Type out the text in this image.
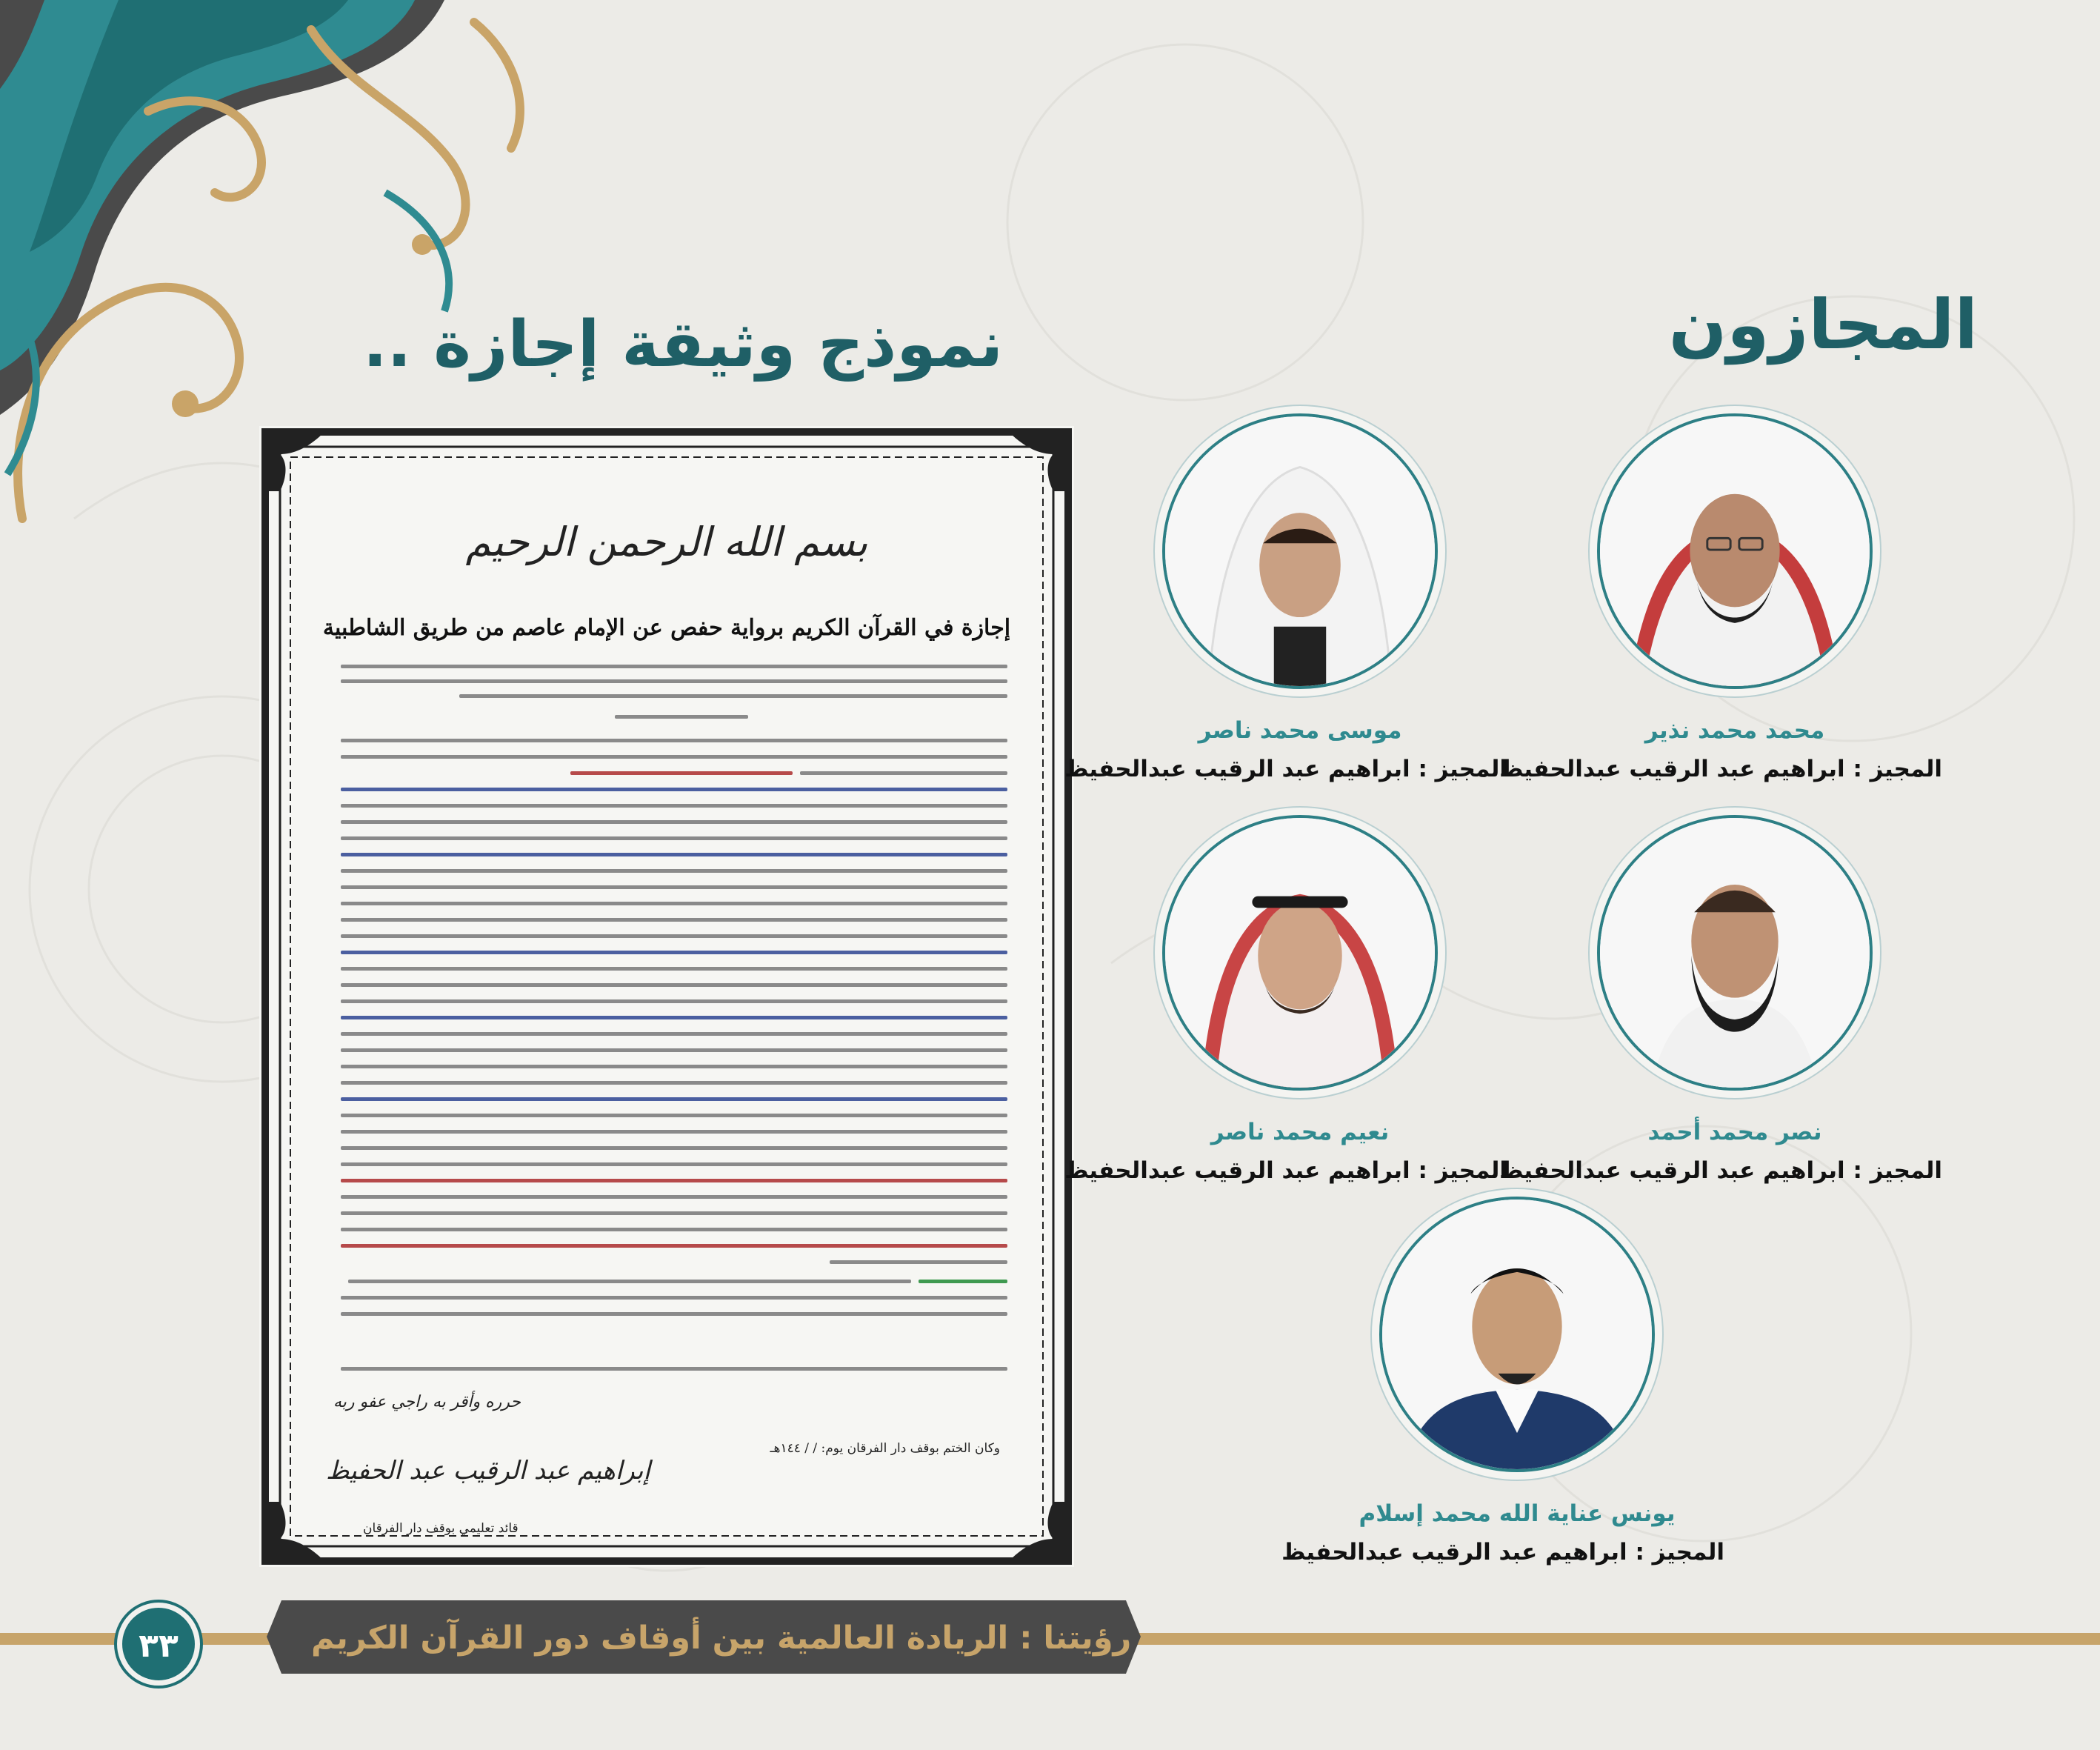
المجازون
نموذج وثيقة إجازة ..
بسم الله الرحمن الرحيم
إجازة في القرآن الكريم برواية حفص عن الإمام عاصم من طريق الشاطبية
وكان الختم بوقف دار الفرقان يوم: / / ١٤٤هـ
حرره وأقر به راجي عفو ربه
إبراهيم عبد الرقيب عبد الحفيظ
قائد تعليمي بوقف دار الفرقان
محمد محمد نذير
المجيز : ابراهيم عبد الرقيب عبدالحفيظ
موسى محمد ناصر
المجيز : ابراهيم عبد الرقيب عبدالحفيظ
نصر محمد أحمد
المجيز : ابراهيم عبد الرقيب عبدالحفيظ
نعيم محمد ناصر
المجيز : ابراهيم عبد الرقيب عبدالحفيظ
يونس عناية الله محمد إسلام
المجيز : ابراهيم عبد الرقيب عبدالحفيظ
رؤيتنا : الريادة العالمية بين أوقاف دور القرآن الكريم
٣٣
